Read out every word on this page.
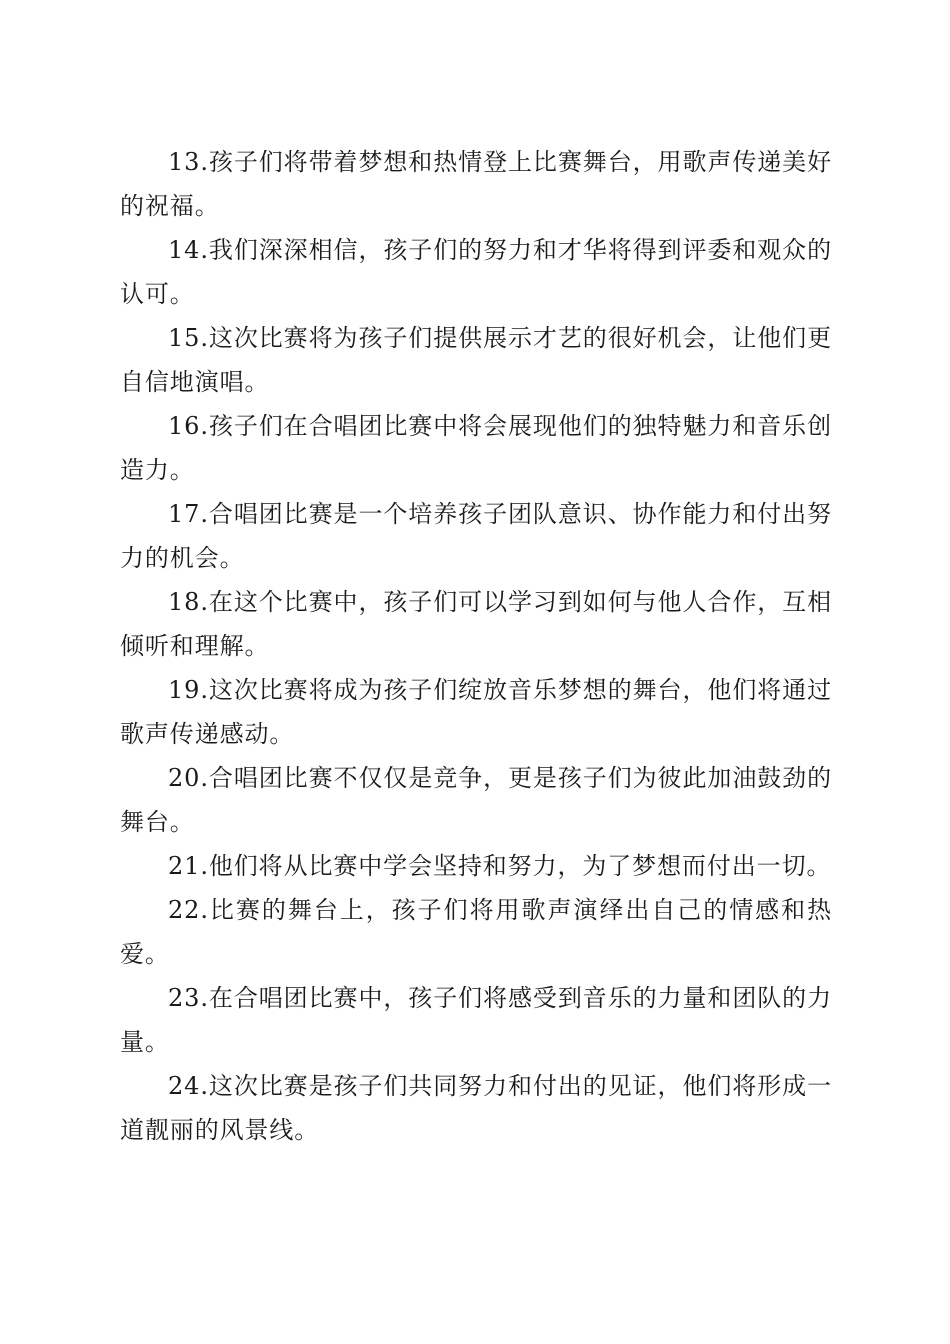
13.孩子们将带着梦想和热情登上比赛舞台，用歌声传递美好的祝福。

14.我们深深相信，孩子们的努力和才华将得到评委和观众的认可。

15.这次比赛将为孩子们提供展示才艺的很好机会，让他们更自信地演唱。

16.孩子们在合唱团比赛中将会展现他们的独特魅力和音乐创造力。

17.合唱团比赛是一个培养孩子团队意识、协作能力和付出努力的机会。

18.在这个比赛中，孩子们可以学习到如何与他人合作，互相倾听和理解。

19.这次比赛将成为孩子们绽放音乐梦想的舞台，他们将通过歌声传递感动。

20.合唱团比赛不仅仅是竞争，更是孩子们为彼此加油鼓劲的舞台。

21.他们将从比赛中学会坚持和努力，为了梦想而付出一切。

22.比赛的舞台上，孩子们将用歌声演绎出自己的情感和热爱。

23.在合唱团比赛中，孩子们将感受到音乐的力量和团队的力量。

24.这次比赛是孩子们共同努力和付出的见证，他们将形成一道靓丽的风景线。
